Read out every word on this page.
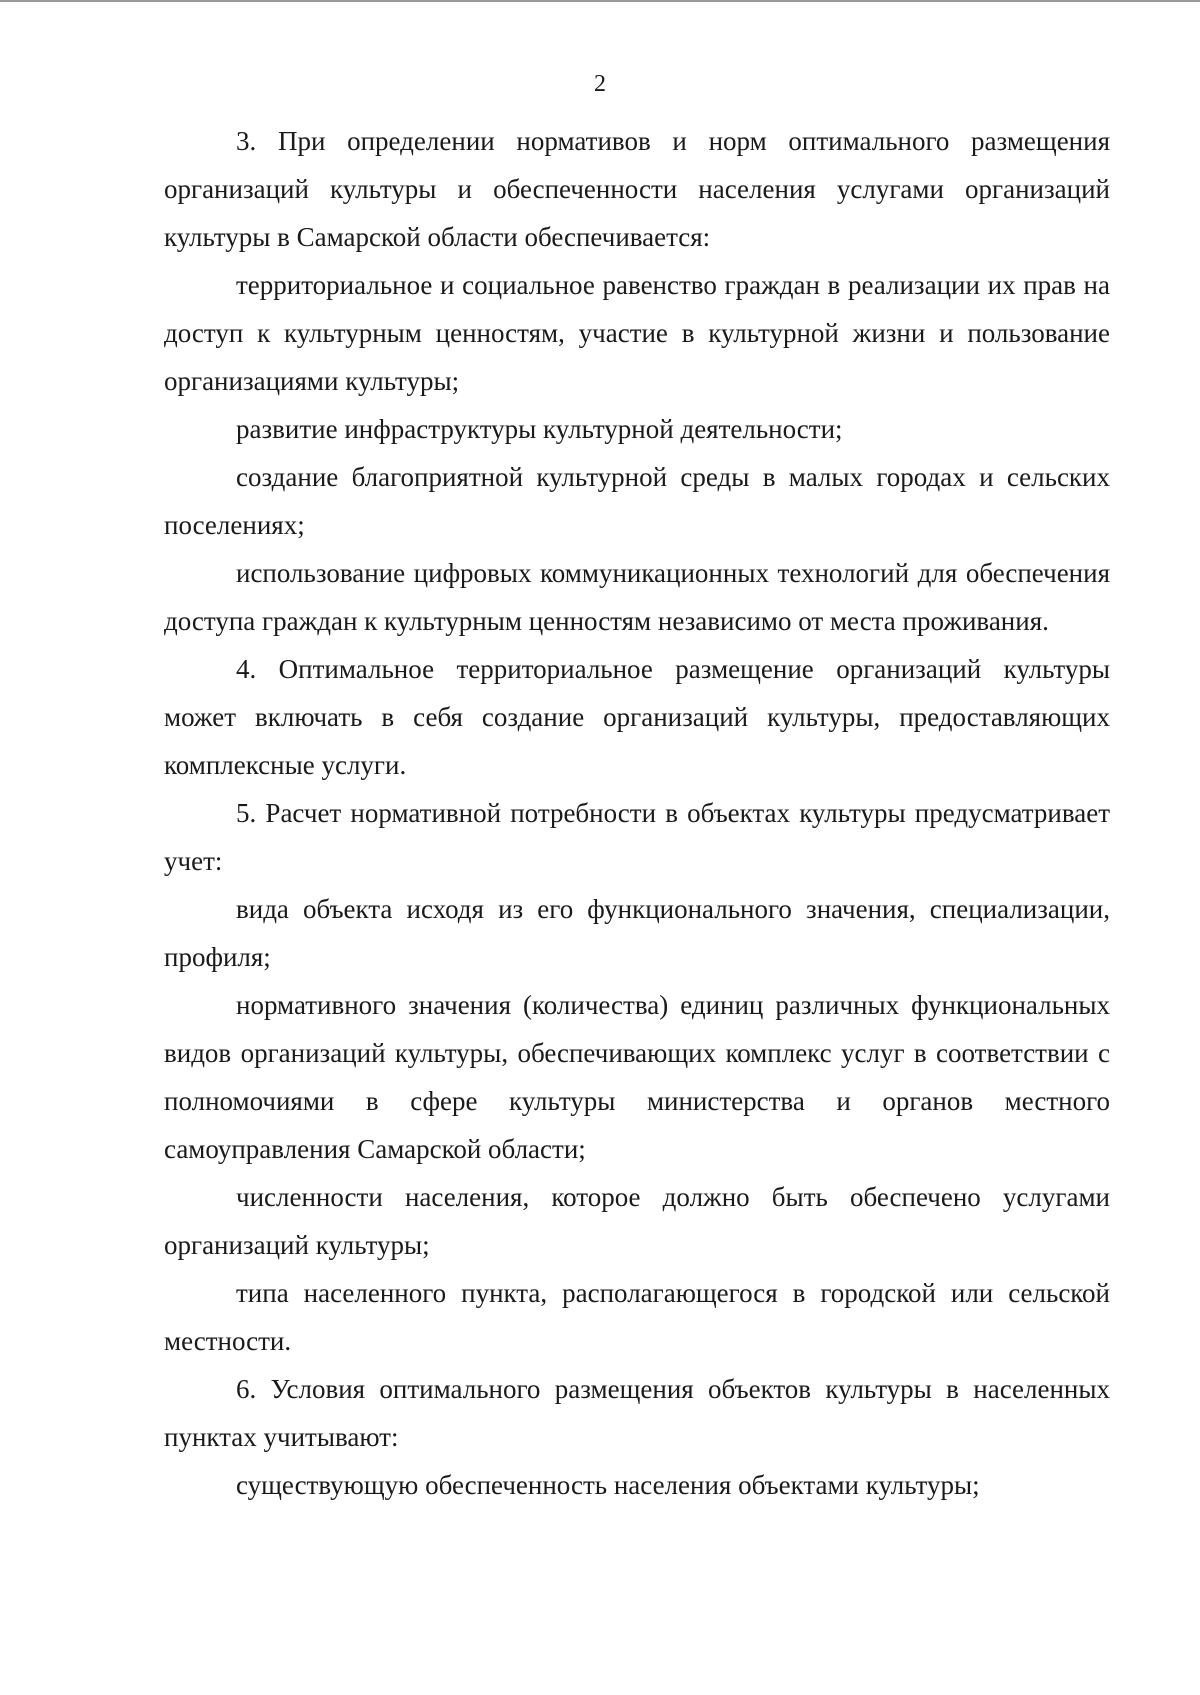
2

3. При определении нормативов и норм оптимального размещения организаций культуры и обеспеченности населения услугами организаций культуры в Самарской области обеспечивается:

территориальное и социальное равенство граждан в реализации их прав на доступ к культурным ценностям, участие в культурной жизни и пользование организациями культуры;

развитие инфраструктуры культурной деятельности;

создание благоприятной культурной среды в малых городах и сельских поселениях;

использование цифровых коммуникационных технологий для обеспечения доступа граждан к культурным ценностям независимо от места проживания.

4. Оптимальное территориальное размещение организаций культуры может включать в себя создание организаций культуры, предоставляющих комплексные услуги.

5. Расчет нормативной потребности в объектах культуры предусматривает учет:

вида объекта исходя из его функционального значения, специализации, профиля;

нормативного значения (количества) единиц различных функциональных видов организаций культуры, обеспечивающих комплекс услуг в соответствии с полномочиями в сфере культуры министерства и органов местного самоуправления Самарской области;

численности населения, которое должно быть обеспечено услугами организаций культуры;

типа населенного пункта, располагающегося в городской или сельской местности.

6. Условия оптимального размещения объектов культуры в населенных пунктах учитывают:

существующую обеспеченность населения объектами культуры;
